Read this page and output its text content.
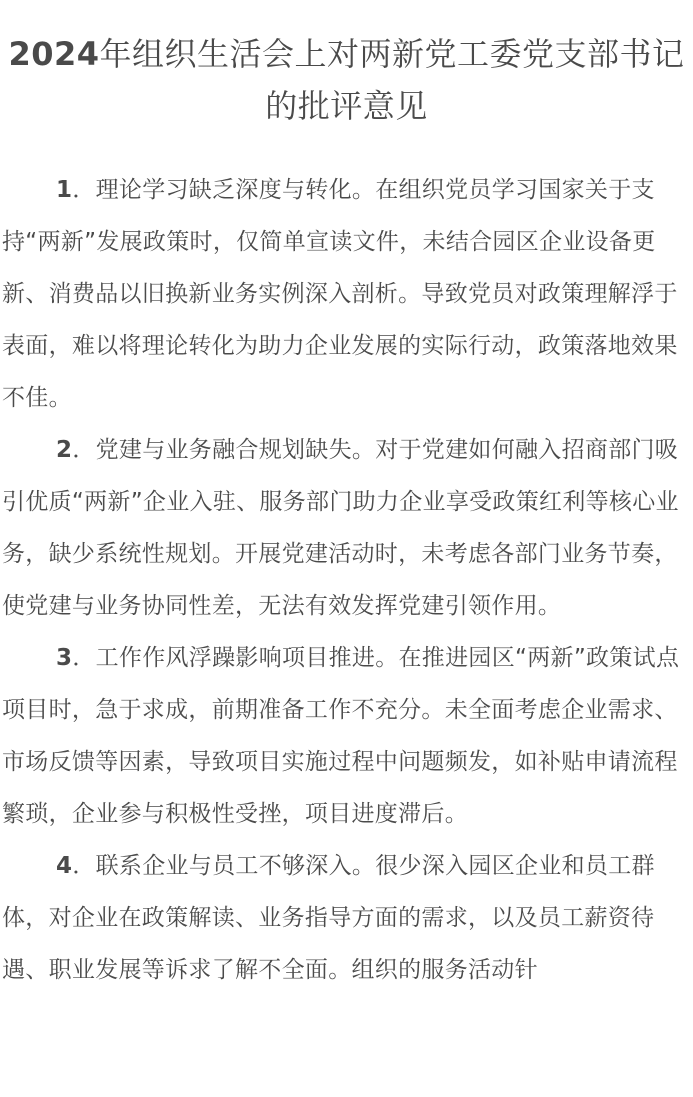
2024年组织生活会上对两新党工委党支部书记的批评意见

1．理论学习缺乏深度与转化。在组织党员学习国家关于支持“两新”发展政策时，仅简单宣读文件，未结合园区企业设备更新、消费品以旧换新业务实例深入剖析。导致党员对政策理解浮于表面，难以将理论转化为助力企业发展的实际行动，政策落地效果不佳。

2．党建与业务融合规划缺失。对于党建如何融入招商部门吸引优质“两新”企业入驻、服务部门助力企业享受政策红利等核心业务，缺少系统性规划。开展党建活动时，未考虑各部门业务节奏，使党建与业务协同性差，无法有效发挥党建引领作用。

3．工作作风浮躁影响项目推进。在推进园区“两新”政策试点项目时，急于求成，前期准备工作不充分。未全面考虑企业需求、市场反馈等因素，导致项目实施过程中问题频发，如补贴申请流程繁琐，企业参与积极性受挫，项目进度滞后。

4．联系企业与员工不够深入。很少深入园区企业和员工群体，对企业在政策解读、业务指导方面的需求，以及员工薪资待遇、职业发展等诉求了解不全面。组织的服务活动针
